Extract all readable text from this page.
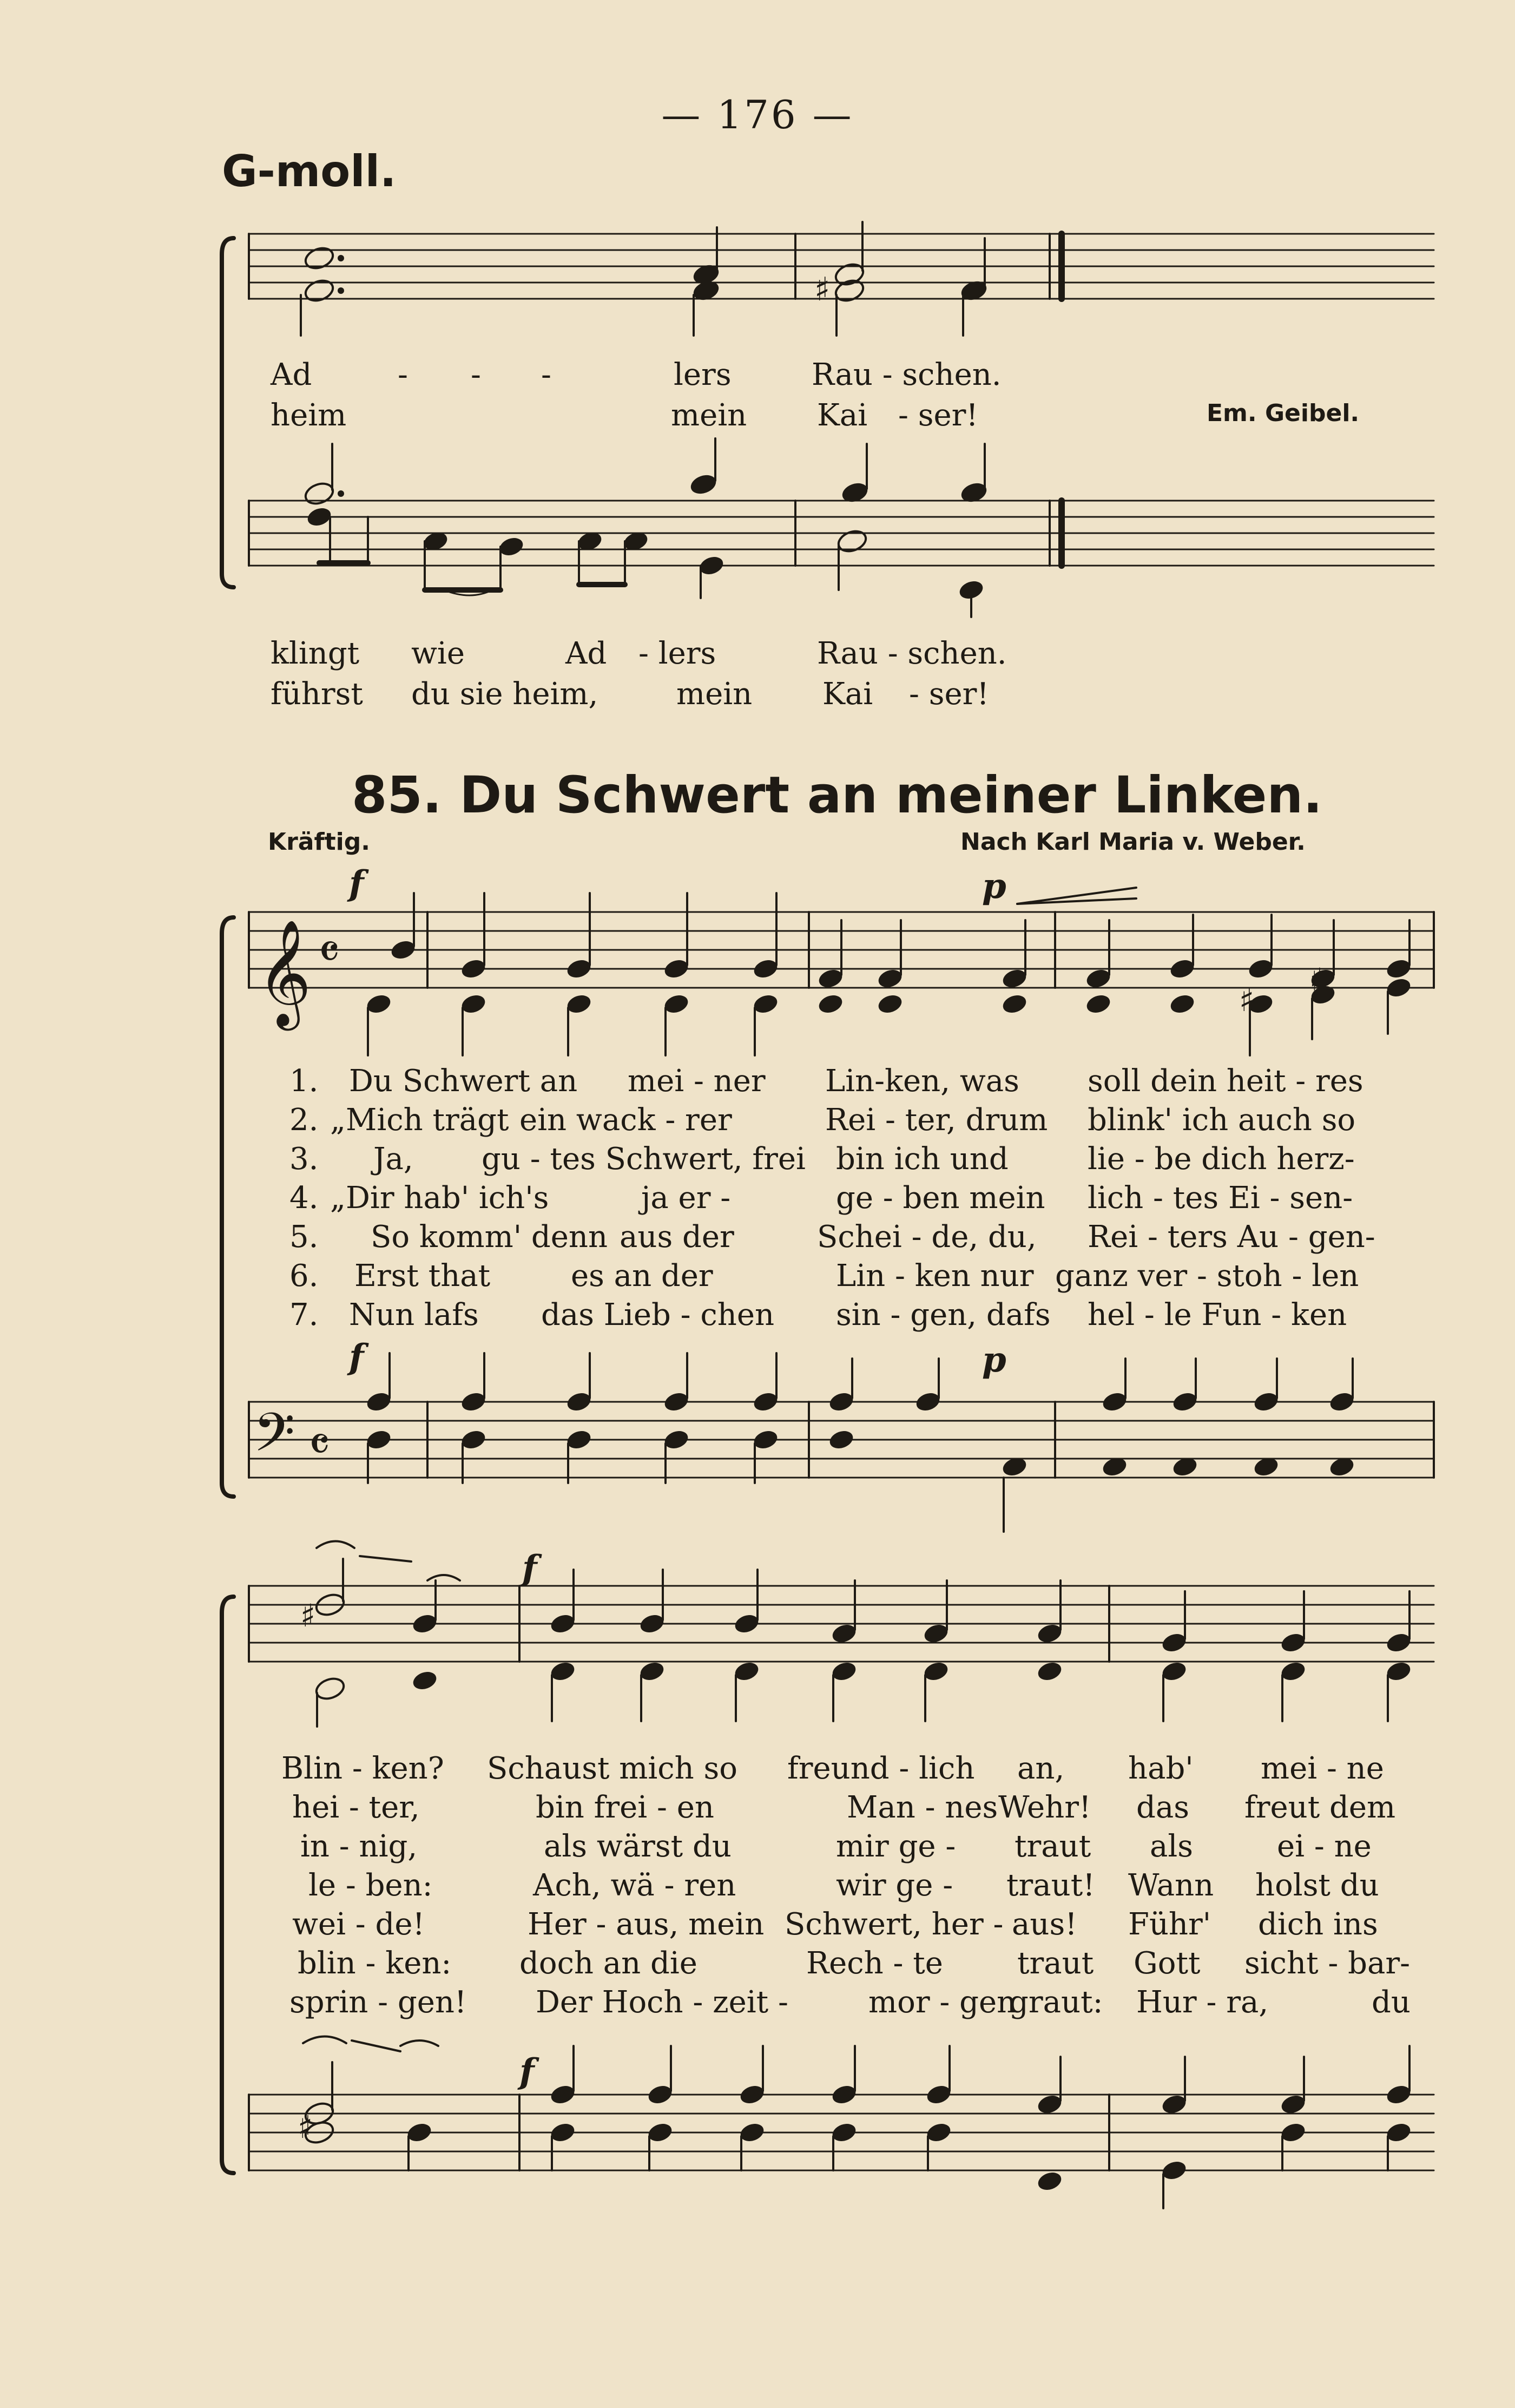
— 176 —
G-moll.
♯
𝄞 𝄴
𝄢 𝄴
♯
♯
♯
♯
Ad	- - -	lers	Rau - schen.
heim	mein Kai - ser!	Em. Geibel.
klingt wie	Ad - lers	Rau - schen.
führst du sie heim,	mein Kai - ser!
85. Du Schwert an meiner Linken.
Kräftig.	Nach Karl Maria v. Weber.
f	p
f	p
f
f
1. Du Schwert an mei - ner Lin-ken, was soll dein heit - res
2. „Mich trägt ein wack - rer	Rei - ter, drum blink' ich auch so
3. Ja, gu - tes Schwert, frei bin ich und	lie - be dich herz-
4. „Dir hab' ich's	ja er -	ge - ben mein lich - tes Ei - sen-
5. So komm' denn aus der	Schei - de, du, Rei - ters Au - gen-
6. Erst that	es an der	Lin - ken nur ganz ver - stoh - len
7. Nun lafs das Lieb - chen sin - gen, dafs hel - le Fun - ken
Blin - ken? Schaust mich so freund - lich an, hab' mei - ne
hei - ter,	bin frei - en	Man - nes Wehr! das freut dem
in - nig,	als wärst du	mir ge - traut als	ei - ne
le - ben:	Ach, wä - ren	wir ge - traut! Wann holst du
wei - de!	Her - aus, mein Schwert, her - aus! Führ' dich ins
blin - ken: doch an die	Rech - te traut Gott sicht - bar-
sprin - gen! Der Hoch - zeit -	mor - gen
graut: Hur - ra,	du
